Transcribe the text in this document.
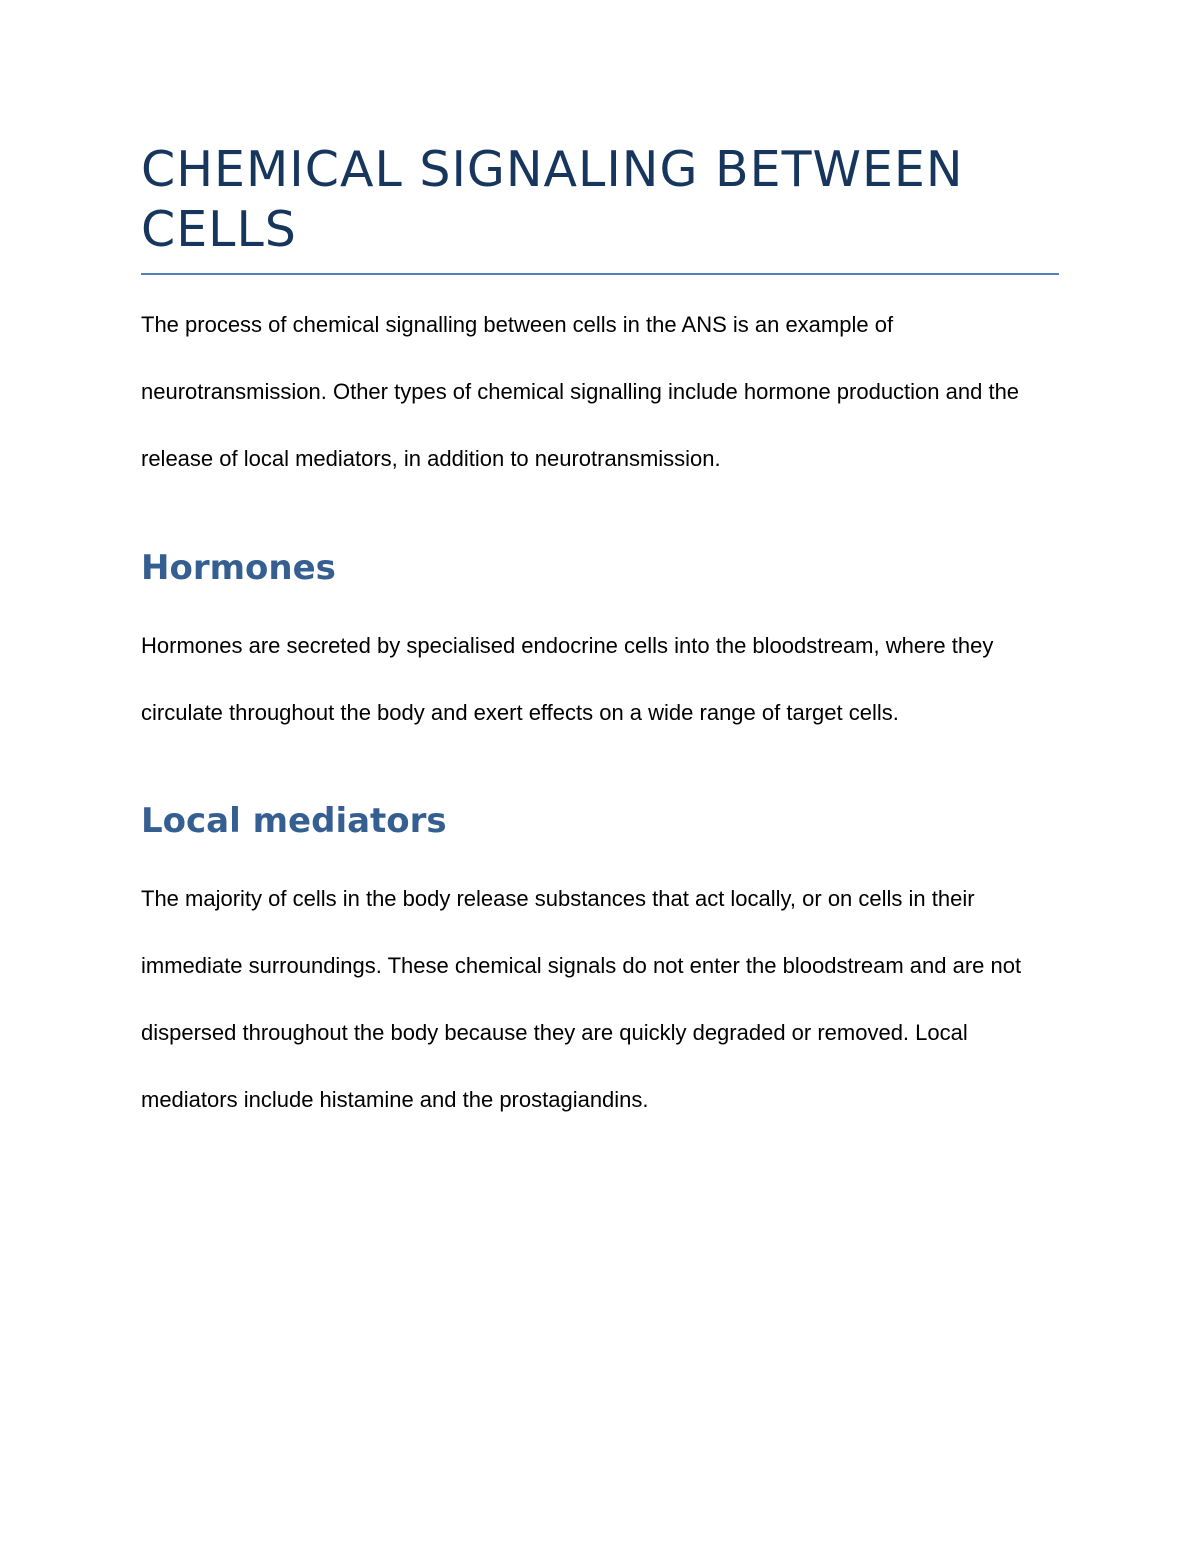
CHEMICAL SIGNALING BETWEEN CELLS

The process of chemical signalling between cells in the ANS is an example of neurotransmission. Other types of chemical signalling include hormone production and the release of local mediators, in addition to neurotransmission.

Hormones

Hormones are secreted by specialised endocrine cells into the bloodstream, where they circulate throughout the body and exert effects on a wide range of target cells.

Local mediators

The majority of cells in the body release substances that act locally, or on cells in their immediate surroundings. These chemical signals do not enter the bloodstream and are not dispersed throughout the body because they are quickly degraded or removed. Local mediators include histamine and the prostagiandins.
